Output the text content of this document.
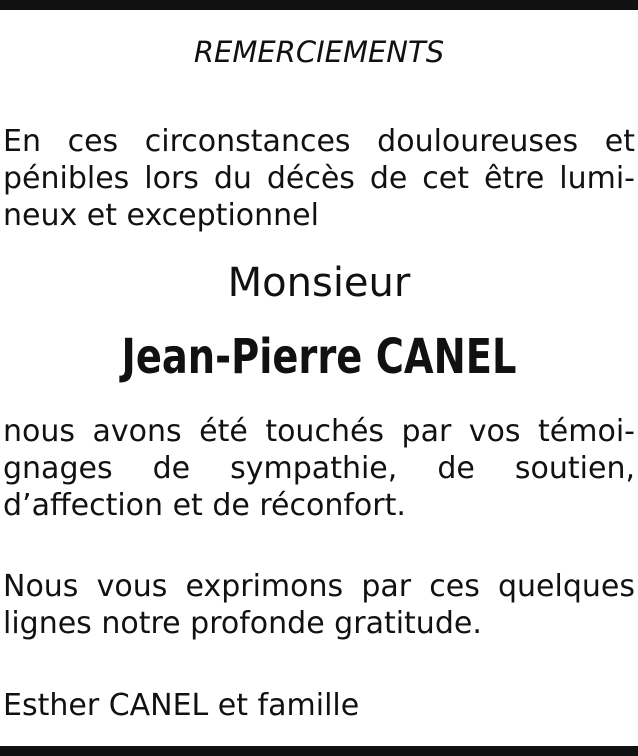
REMERCIEMENTS
En ces circonstances douloureuses et pénibles lors du décès de cet être lumineux et exceptionnel
Monsieur
Jean-Pierre CANEL
nous avons été touchés par vos témoignages de sympathie, de soutien, d’affection et de réconfort.
Nous vous exprimons par ces quelques lignes notre profonde gratitude.
Esther CANEL et famille
